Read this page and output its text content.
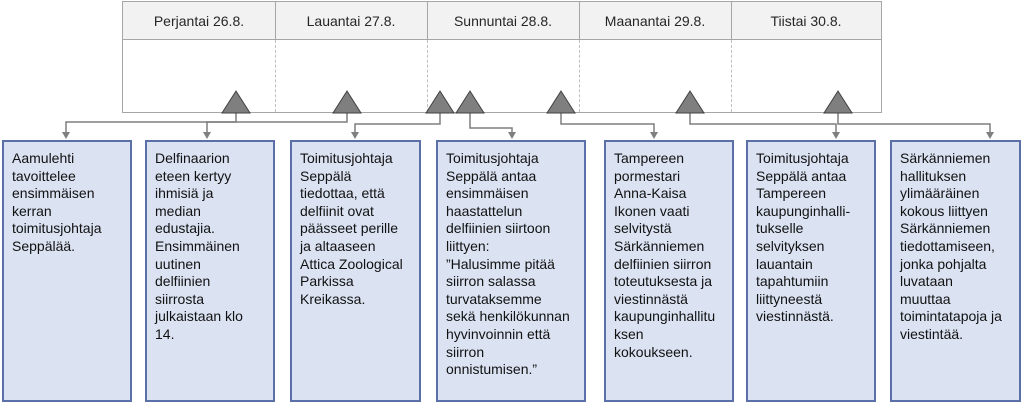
Perjantai 26.8.	Lauantai 27.8.	Sunnuntai 28.8.	Maanantai 29.8.	Tiistai 30.8.
Aamulehti
tavoittelee
ensimmäisen
kerran
toimitusjohtaja
Seppälää.
Delfinaarion
eteen kertyy
ihmisiä ja
median
edustajia.
Ensimmäinen
uutinen
delfiinien
siirrosta
julkaistaan klo
14.
Toimitusjohtaja
Seppälä
tiedottaa, että
delfiinit ovat
päässeet perille
ja altaaseen
Attica Zoological
Parkissa
Kreikassa.
Toimitusjohtaja
Seppälä antaa
ensimmäisen
haastattelun
delfiinien siirtoon
liittyen:
”Halusimme pitää
siirron salassa
turvataksemme
sekä henkilökunnan
hyvinvoinnin että
siirron
onnistumisen.”
Tampereen
pormestari
Anna-Kaisa
Ikonen vaati
selvitystä
Särkänniemen
delfiinien siirron
toteutuksesta ja
viestinnästä
kaupunginhallitu
ksen
kokoukseen.
Toimitusjohtaja
Seppälä antaa
Tampereen
kaupunginhalli-
tukselle
selvityksen
lauantain
tapahtumiin
liittyneestä
viestinnästä.
Särkänniemen
hallituksen
ylimääräinen
kokous liittyen
Särkänniemen
tiedottamiseen,
jonka pohjalta
luvataan
muuttaa
toimintatapoja ja
viestintää.
